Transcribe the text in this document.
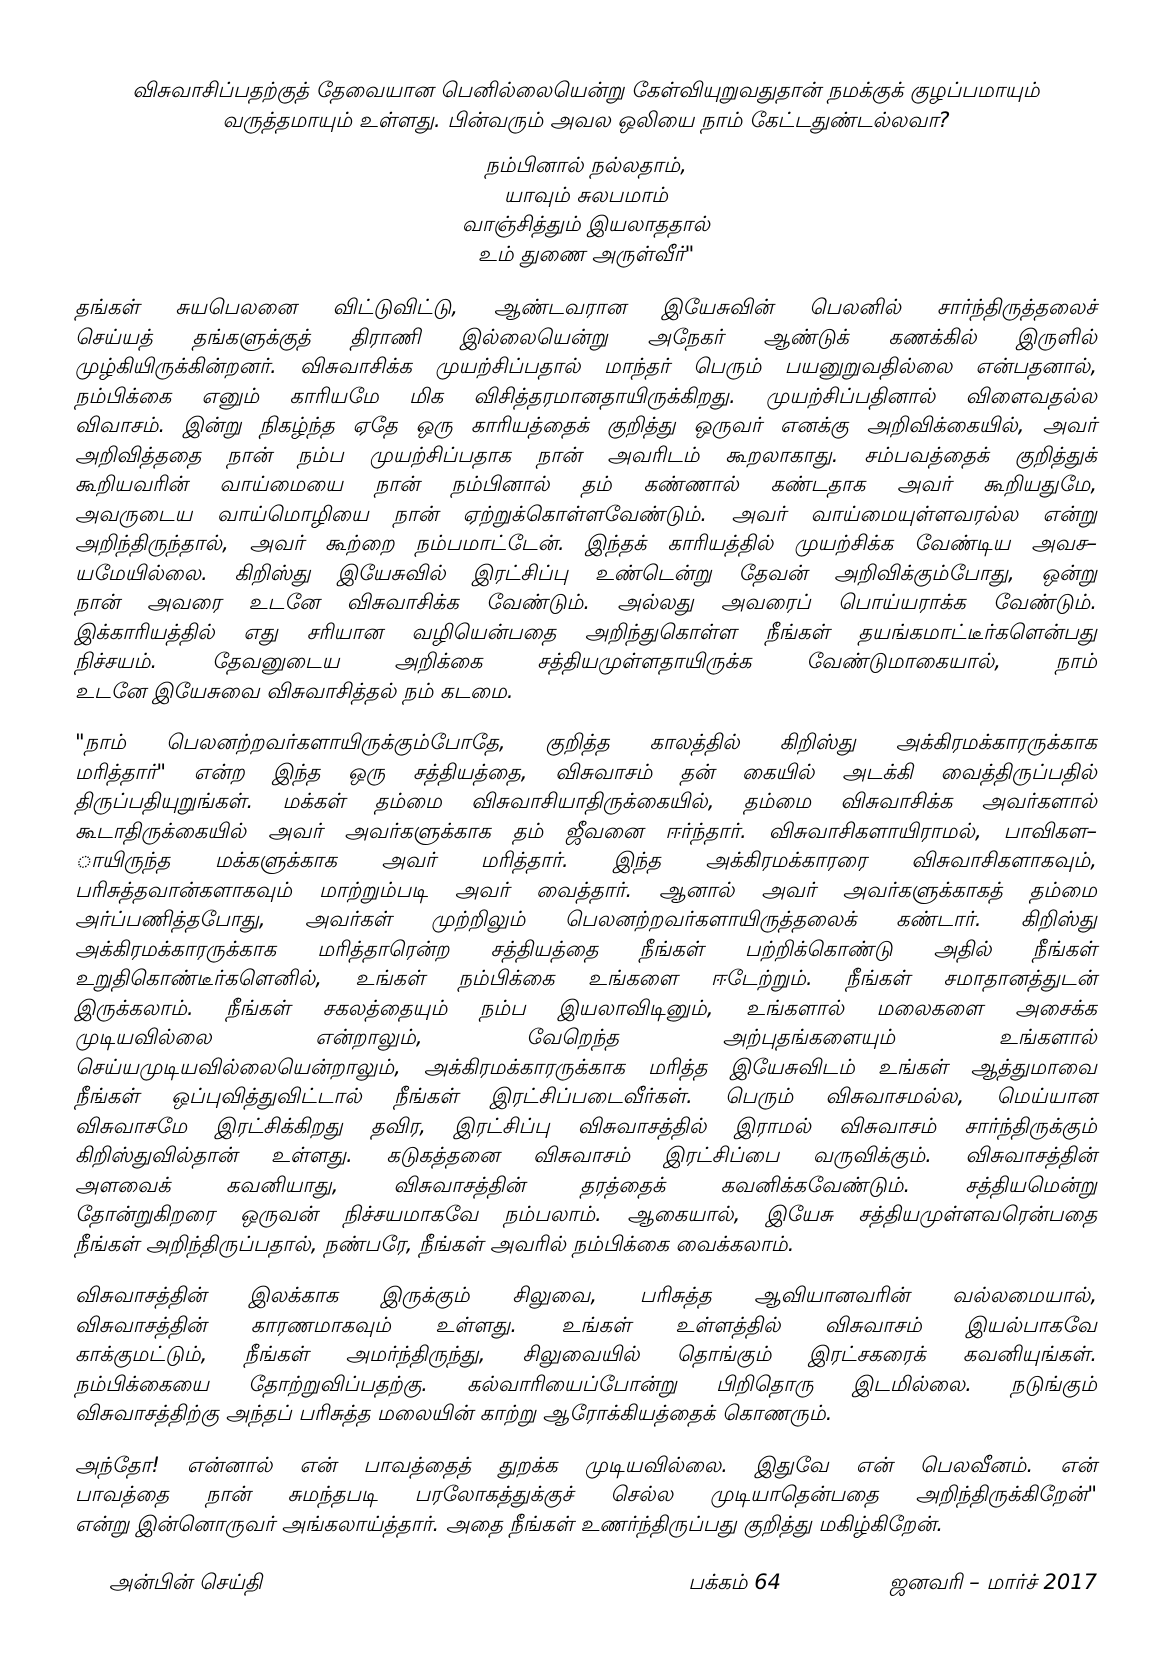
விசுவாசிப்பதற்குத் தேவையான பெனில்லையென்று கேள்வியுறுவதுதான் நமக்குக் குழப்பமாயும்
வருத்தமாயும் உள்ளது. பின்வரும் அவல ஒலியை நாம் கேட்டதுண்டல்லவா?
நம்பினால் நல்லதாம்,
யாவும் சுலபமாம்
வாஞ்சித்தும் இயலாததால்
உம் துணை அருள்வீர்"
தங்கள் சுயபெலனை விட்டுவிட்டு, ஆண்டவரான இயேசுவின் பெலனில் சார்ந்திருத்தலைச்
செய்யத் தங்களுக்குத் திராணி இல்லையென்று அநேகர் ஆண்டுக் கணக்கில் இருளில்
முழ்கியிருக்கின்றனர். விசுவாசிக்க முயற்சிப்பதால் மாந்தர் பெரும் பயனுறுவதில்லை என்பதனால்,
நம்பிக்கை எனும் காரியமே மிக விசித்தரமானதாயிருக்கிறது. முயற்சிப்பதினால் விளைவதல்ல
விவாசம். இன்று நிகழ்ந்த ஏதே ஒரு காரியத்தைக் குறித்து ஒருவர் எனக்கு அறிவிக்கையில், அவர்
அறிவித்ததை நான் நம்ப முயற்சிப்பதாக நான் அவரிடம் கூறலாகாது. சம்பவத்தைக் குறித்துக்
கூறியவரின் வாய்மையை நான் நம்பினால் தம் கண்ணால் கண்டதாக அவர் கூறியதுமே,
அவருடைய வாய்மொழியை நான் ஏற்றுக்கொள்ளவேண்டும். அவர் வாய்மையுள்ளவரல்ல என்று
அறிந்திருந்தால், அவர் கூற்றை நம்பமாட்டேன். இந்தக் காரியத்தில் முயற்சிக்க வேண்டிய அவச–
யமேயில்லை. கிறிஸ்து இயேசுவில் இரட்சிப்பு உண்டென்று தேவன் அறிவிக்கும்போது, ஒன்று
நான் அவரை உடனே விசுவாசிக்க வேண்டும். அல்லது அவரைப் பொய்யராக்க வேண்டும்.
இக்காரியத்தில் எது சரியான வழியென்பதை அறிந்துகொள்ள நீங்கள் தயங்கமாட்டீர்களென்பது
நிச்சயம். தேவனுடைய அறிக்கை சத்தியமுள்ளதாயிருக்க வேண்டுமாகையால், நாம்
உடனே இயேசுவை விசுவாசித்தல் நம் கடமை.
"நாம் பெலனற்றவர்களாயிருக்கும்போதே, குறித்த காலத்தில் கிறிஸ்து அக்கிரமக்காரருக்காக
மரித்தார்" என்ற இந்த ஒரு சத்தியத்தை, விசுவாசம் தன் கையில் அடக்கி வைத்திருப்பதில்
திருப்பதியுறுங்கள். மக்கள் தம்மை விசுவாசியாதிருக்கையில், தம்மை விசுவாசிக்க அவர்களால்
கூடாதிருக்கையில் அவர் அவர்களுக்காக தம் ஜீவனை ஈர்ந்தார். விசுவாசிகளாயிராமல், பாவிகள–
ாயிருந்த மக்களுக்காக அவர் மரித்தார். இந்த அக்கிரமக்காரரை விசுவாசிகளாகவும்,
பரிசுத்தவான்களாகவும் மாற்றும்படி அவர் வைத்தார். ஆனால் அவர் அவர்களுக்காகத் தம்மை
அர்ப்பணித்தபோது, அவர்கள் முற்றிலும் பெலனற்றவர்களாயிருத்தலைக் கண்டார். கிறிஸ்து
அக்கிரமக்காரருக்காக மரித்தாரென்ற சத்தியத்தை நீங்கள் பற்றிக்கொண்டு அதில் நீங்கள்
உறுதிகொண்டீர்களெனில், உங்கள் நம்பிக்கை உங்களை ஈடேற்றும். நீங்கள் சமாதானத்துடன்
இருக்கலாம். நீங்கள் சகலத்தையும் நம்ப இயலாவிடினும், உங்களால் மலைகளை அசைக்க
முடியவில்லை என்றாலும், வேறெந்த அற்புதங்களையும் உங்களால்
செய்யமுடியவில்லையென்றாலும், அக்கிரமக்காரருக்காக மரித்த இயேசுவிடம் உங்கள் ஆத்துமாவை
நீங்கள் ஒப்புவித்துவிட்டால் நீங்கள் இரட்சிப்படைவீர்கள். பெரும் விசுவாசமல்ல, மெய்யான
விசுவாசமே இரட்சிக்கிறது தவிர, இரட்சிப்பு விசுவாசத்தில் இராமல் விசுவாசம் சார்ந்திருக்கும்
கிறிஸ்துவில்தான் உள்ளது. கடுகத்தனை விசுவாசம் இரட்சிப்பை வருவிக்கும். விசுவாசத்தின்
அளவைக் கவனியாது, விசுவாசத்தின் தரத்தைக் கவனிக்கவேண்டும். சத்தியமென்று
தோன்றுகிறரை ஒருவன் நிச்சயமாகவே நம்பலாம். ஆகையால், இயேசு சத்தியமுள்ளவரென்பதை
நீங்கள் அறிந்திருப்பதால், நண்பரே, நீங்கள் அவரில் நம்பிக்கை வைக்கலாம்.
விசுவாசத்தின் இலக்காக இருக்கும் சிலுவை, பரிசுத்த ஆவியானவரின் வல்லமையால்,
விசுவாசத்தின் காரணமாகவும் உள்ளது. உங்கள் உள்ளத்தில் விசுவாசம் இயல்பாகவே
காக்குமட்டும், நீங்கள் அமர்ந்திருந்து, சிலுவையில் தொங்கும் இரட்சகரைக் கவனியுங்கள்.
நம்பிக்கையை தோற்றுவிப்பதற்கு. கல்வாரியைப்போன்று பிறிதொரு இடமில்லை. நடுங்கும்
விசுவாசத்திற்கு அந்தப் பரிசுத்த மலையின் காற்று ஆரோக்கியத்தைக் கொணரும்.
அந்தோ! என்னால் என் பாவத்தைத் துறக்க முடியவில்லை. இதுவே என் பெலவீனம். என்
பாவத்தை நான் சுமந்தபடி பரலோகத்துக்குச் செல்ல முடியாதென்பதை அறிந்திருக்கிறேன்"
என்று இன்னொருவர் அங்கலாய்த்தார். அதை நீங்கள் உணர்ந்திருப்பது குறித்து மகிழ்கிறேன்.
அன்பின் செய்தி	பக்கம் 64	ஜனவரி – மார்ச் 2017
